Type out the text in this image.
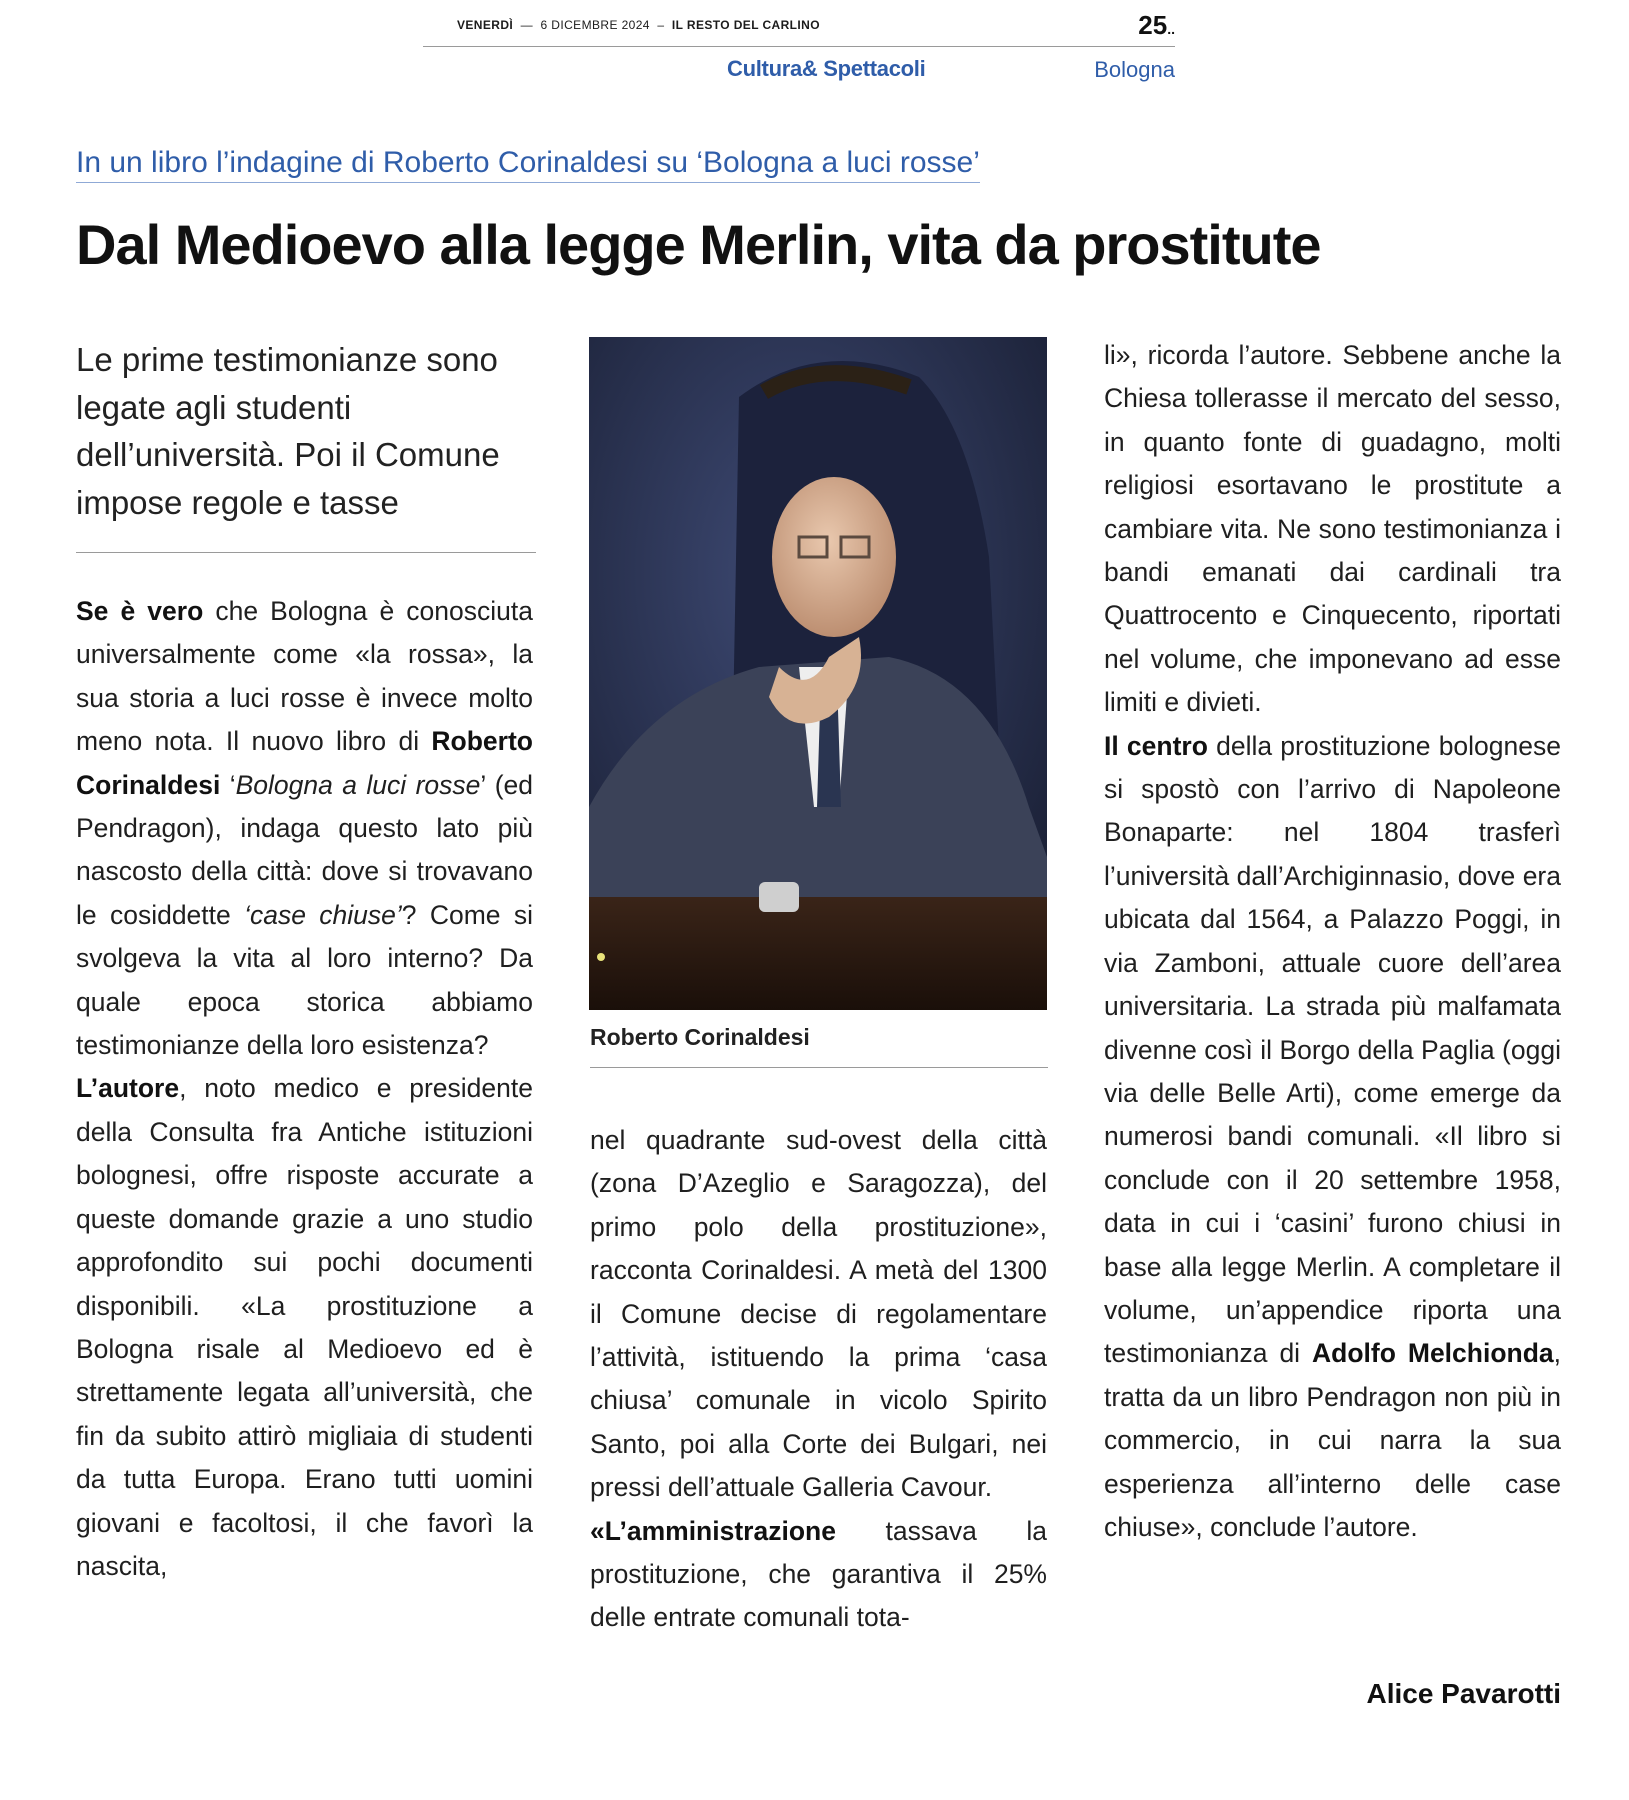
VENERDÌ  —  6 DICEMBRE 2024  –  IL RESTO DEL CARLINO	25..
Cultura& Spettacoli	Bologna
In un libro l’indagine di Roberto Corinaldesi su ‘Bologna a luci rosse’
Dal Medioevo alla legge Merlin, vita da prostitute
Le prime testimonianze sono legate agli studenti dell’università. Poi il Comune impose regole e tasse

Se è vero che Bologna è conosciuta universalmente come «la rossa», la sua storia a luci rosse è invece molto meno nota. Il nuovo libro di Roberto Corinaldesi ‘Bologna a luci rosse’ (ed Pendragon), indaga questo lato più nascosto della città: dove si trovavano le cosiddette ‘case chiuse’? Come si svolgeva la vita al loro interno? Da quale epoca storica abbiamo testimonianze della loro esistenza?

L’autore, noto medico e presidente della Consulta fra Antiche istituzioni bolognesi, offre risposte accurate a queste domande grazie a uno studio approfondito sui pochi documenti disponibili. «La prostituzione a Bologna risale al Medioevo ed è strettamente legata all’università, che fin da subito attirò migliaia di studenti da tutta Europa. Erano tutti uomini giovani e facoltosi, il che favorì la nascita,

Roberto Corinaldesi

nel quadrante sud-ovest della città (zona D’Azeglio e Saragozza), del primo polo della prostituzione», racconta Corinaldesi. A metà del 1300 il Comune decise di regolamentare l’attività, istituendo la prima ‘casa chiusa’ comunale in vicolo Spirito Santo, poi alla Corte dei Bulgari, nei pressi dell’attuale Galleria Cavour.

«L’amministrazione tassava la prostituzione, che garantiva il 25% delle entrate comunali tota-

li», ricorda l’autore. Sebbene anche la Chiesa tollerasse il mercato del sesso, in quanto fonte di guadagno, molti religiosi esortavano le prostitute a cambiare vita. Ne sono testimonianza i bandi emanati dai cardinali tra Quattrocento e Cinquecento, riportati nel volume, che imponevano ad esse limiti e divieti.

Il centro della prostituzione bolognese si spostò con l’arrivo di Napoleone Bonaparte: nel 1804 trasferì l’università dall’Archiginnasio, dove era ubicata dal 1564, a Palazzo Poggi, in via Zamboni, attuale cuore dell’area universitaria. La strada più malfamata divenne così il Borgo della Paglia (oggi via delle Belle Arti), come emerge da numerosi bandi comunali. «Il libro si conclude con il 20 settembre 1958, data in cui i ‘casini’ furono chiusi in base alla legge Merlin. A completare il volume, un’appendice riporta una testimonianza di Adolfo Melchionda, tratta da un libro Pendragon non più in commercio, in cui narra la sua esperienza all’interno delle case chiuse», conclude l’autore.

Alice Pavarotti
